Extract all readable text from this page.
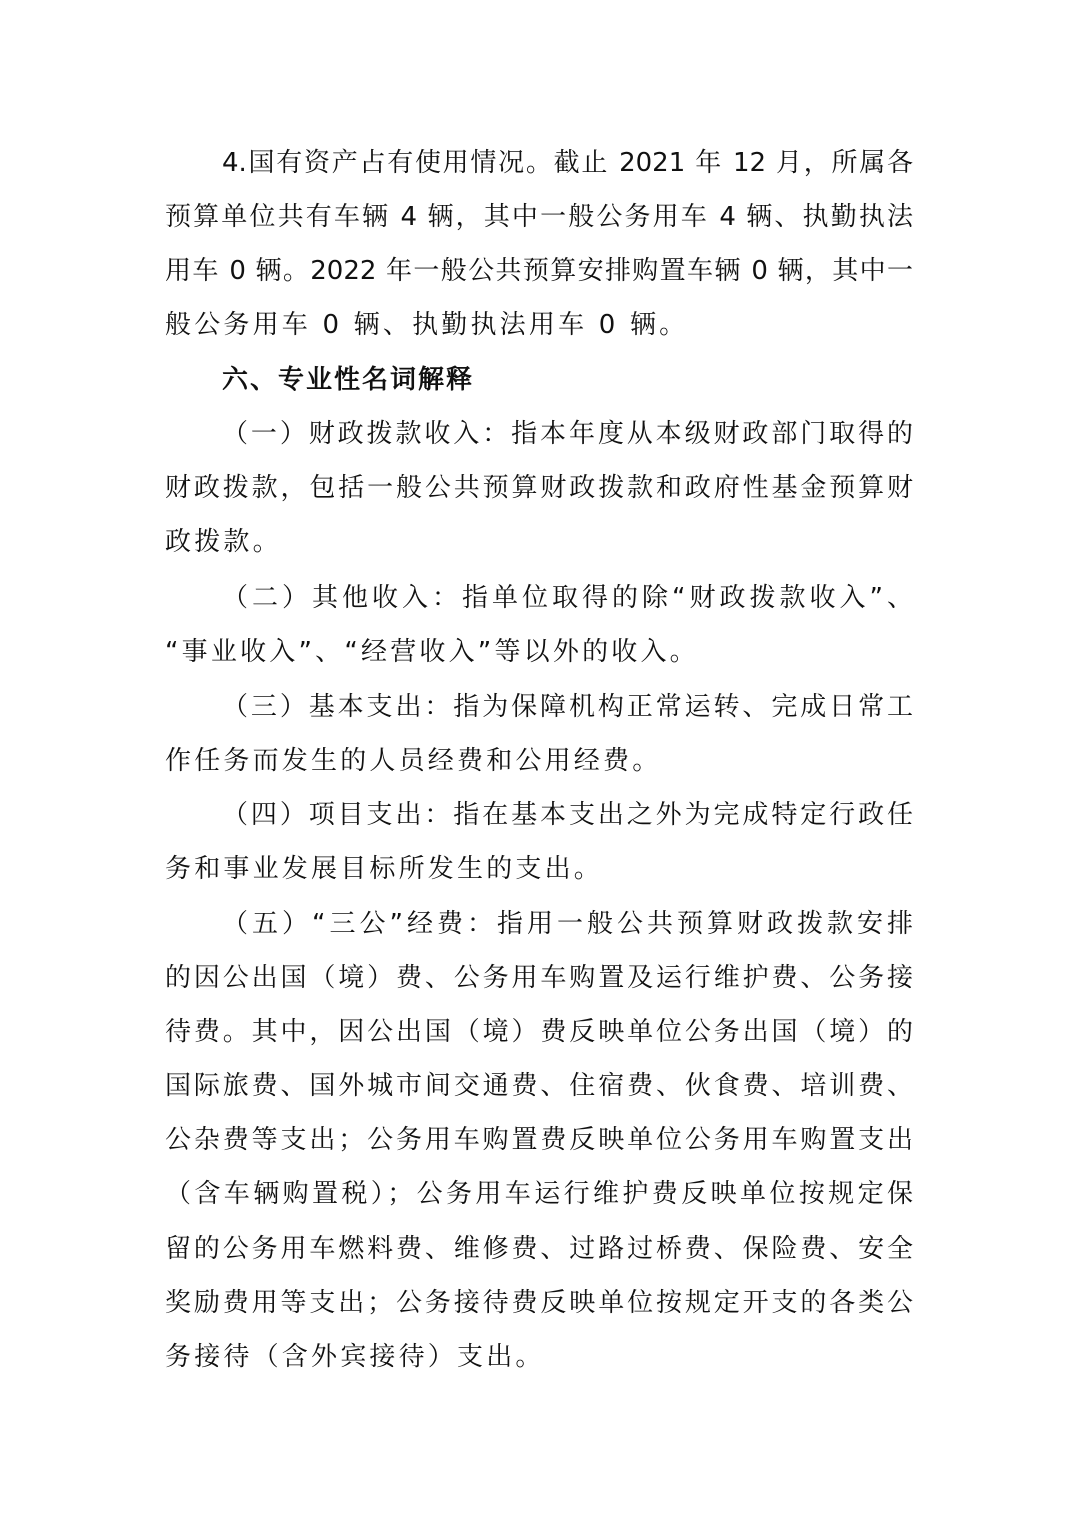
4.国有资产占有使用情况。截止 2021 年 12 月，所属各
预算单位共有车辆 4 辆，其中一般公务用车 4 辆、执勤执法
用车 0 辆。2022 年一般公共预算安排购置车辆 0 辆，其中一
般公务用车 0 辆、执勤执法用车 0 辆。
六、专业性名词解释
（一）财政拨款收入：指本年度从本级财政部门取得的
财政拨款，包括一般公共预算财政拨款和政府性基金预算财
政拨款。
（二）其他收入：指单位取得的除“财政拨款收入”、
“事业收入”、“经营收入”等以外的收入。
（三）基本支出：指为保障机构正常运转、完成日常工
作任务而发生的人员经费和公用经费。
（四）项目支出：指在基本支出之外为完成特定行政任
务和事业发展目标所发生的支出。
（五）“三公”经费：指用一般公共预算财政拨款安排
的因公出国（境）费、公务用车购置及运行维护费、公务接
待费。其中，因公出国（境）费反映单位公务出国（境）的
国际旅费、国外城市间交通费、住宿费、伙食费、培训费、
公杂费等支出；公务用车购置费反映单位公务用车购置支出
（含车辆购置税）；公务用车运行维护费反映单位按规定保
留的公务用车燃料费、维修费、过路过桥费、保险费、安全
奖励费用等支出；公务接待费反映单位按规定开支的各类公
务接待（含外宾接待）支出。
